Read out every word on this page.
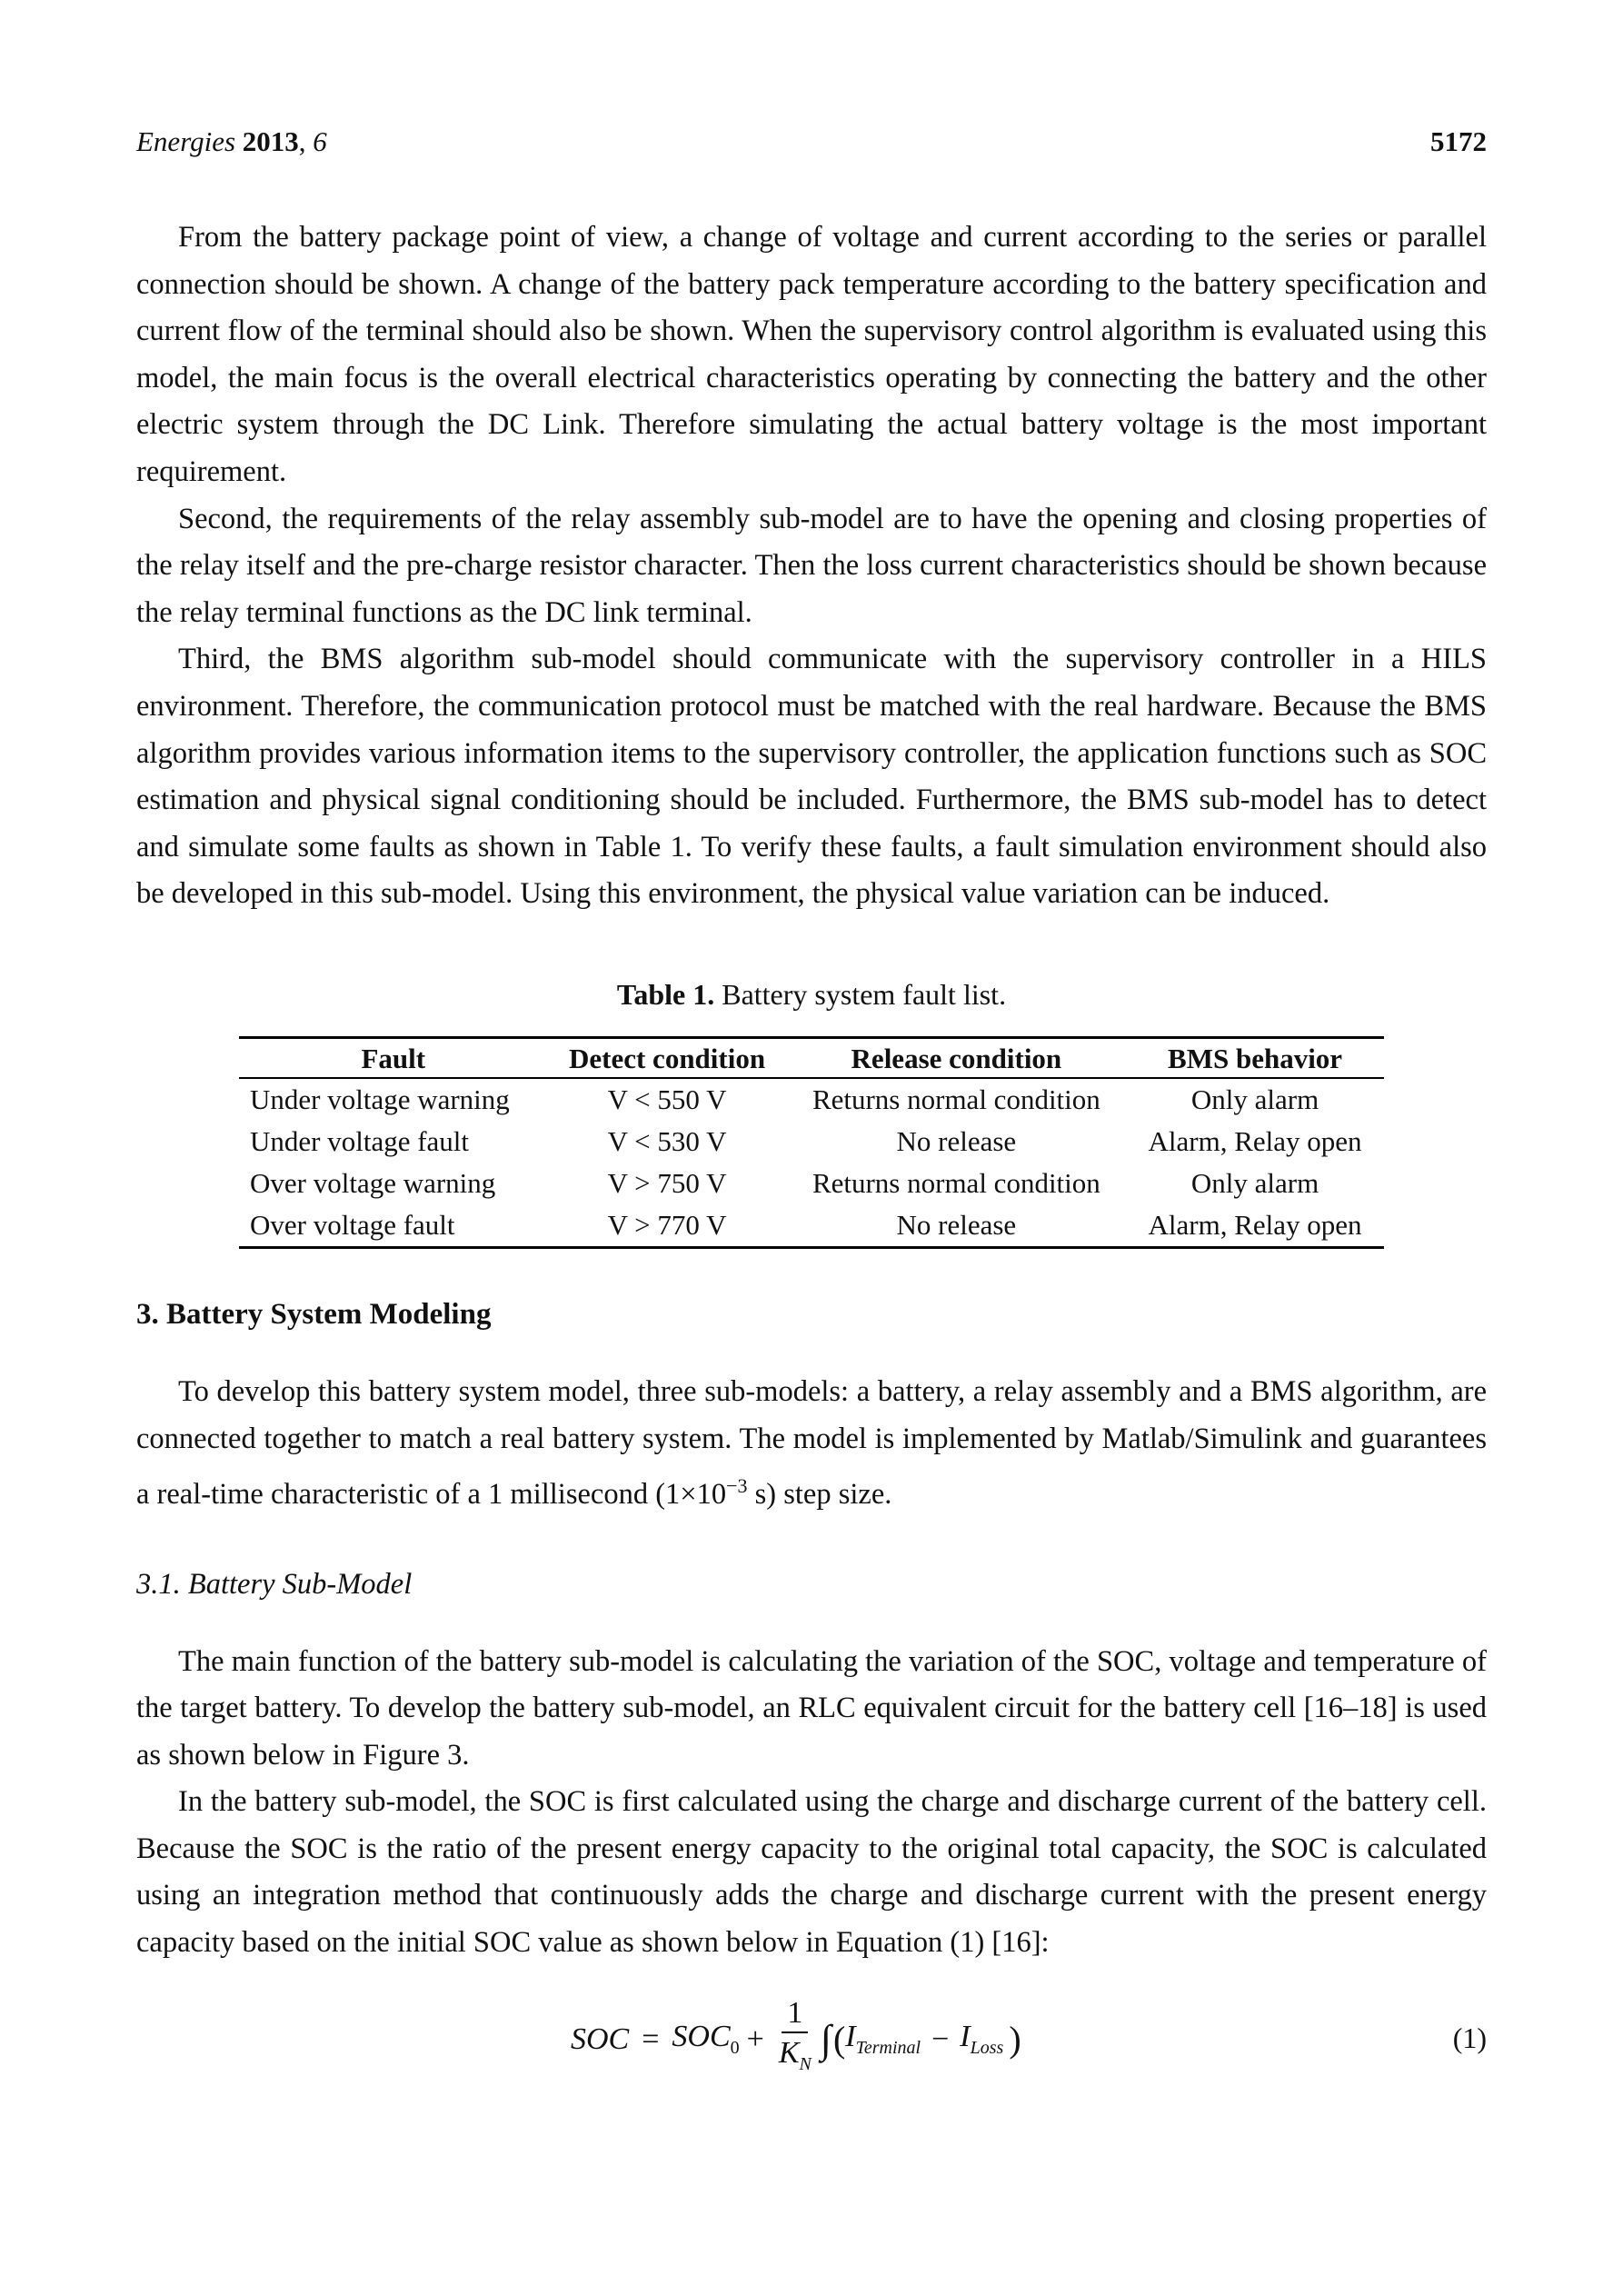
Energies 2013, 6	5172

From the battery package point of view, a change of voltage and current according to the series or parallel connection should be shown. A change of the battery pack temperature according to the battery specification and current flow of the terminal should also be shown. When the supervisory control algorithm is evaluated using this model, the main focus is the overall electrical characteristics operating by connecting the battery and the other electric system through the DC Link. Therefore simulating the actual battery voltage is the most important requirement.

Second, the requirements of the relay assembly sub-model are to have the opening and closing properties of the relay itself and the pre-charge resistor character. Then the loss current characteristics should be shown because the relay terminal functions as the DC link terminal.

Third, the BMS algorithm sub-model should communicate with the supervisory controller in a HILS environment. Therefore, the communication protocol must be matched with the real hardware. Because the BMS algorithm provides various information items to the supervisory controller, the application functions such as SOC estimation and physical signal conditioning should be included. Furthermore, the BMS sub-model has to detect and simulate some faults as shown in Table 1. To verify these faults, a fault simulation environment should also be developed in this sub-model. Using this environment, the physical value variation can be induced.

Table 1. Battery system fault list.
Fault	Detect condition	Release condition	BMS behavior
Under voltage warning	V < 550 V	Returns normal condition	Only alarm
Under voltage fault	V < 530 V	No release	Alarm, Relay open
Over voltage warning	V > 750 V	Returns normal condition	Only alarm
Over voltage fault	V > 770 V	No release	Alarm, Relay open
3. Battery System Modeling

To develop this battery system model, three sub-models: a battery, a relay assembly and a BMS algorithm, are connected together to match a real battery system. The model is implemented by Matlab/Simulink and guarantees a real-time characteristic of a 1 millisecond ($1\times 10^{-3}$ s) step size.

3.1. Battery Sub-Model

The main function of the battery sub-model is calculating the variation of the SOC, voltage and temperature of the target battery. To develop the battery sub-model, an RLC equivalent circuit for the battery cell [16–18] is used as shown below in Figure 3.

In the battery sub-model, the SOC is first calculated using the charge and discharge current of the battery cell. Because the SOC is the ratio of the present energy capacity to the original total capacity, the SOC is calculated using an integration method that continuously adds the charge and discharge current with the present energy capacity based on the initial SOC value as shown below in Equation (1) [16]:

SOC = $SOC_0 + \frac{1}{K_N}$ ∫ ( $I_{Terminal} - I_{Loss}$ )	(1)
